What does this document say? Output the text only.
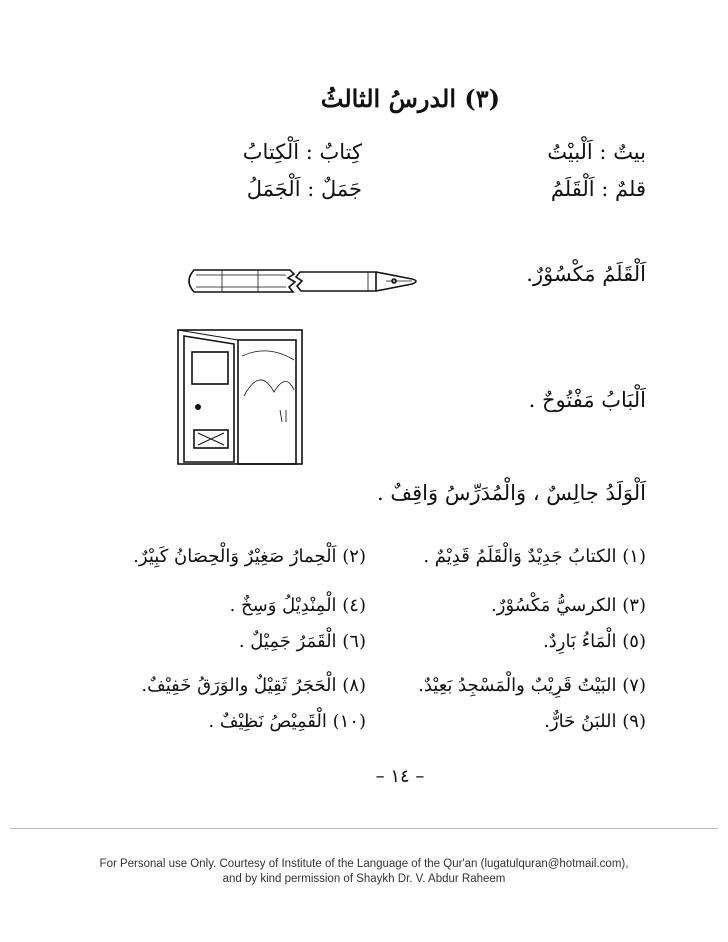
(٣) الدرسُ الثالثُ
بيتٌ : اَلْبيْتُ
كِتابٌ : اَلْكِتابُ
قلمٌ : اَلْقَلَمُ
جَمَلٌ : اَلْجَمَلُ
اَلْقَلَمُ مَكْسُوْرٌ.
اَلْبَابُ مَفْتُوحٌ .
اَلْوَلَدُ جالِسٌ ، وَالْمُدَرِّسُ وَاقِفٌ .
(١) الكتابُ جَدِيْدٌ وَالْقَلَمُ قَدِيْمٌ .
(٢) اَلْحِمارُ صَغِيْرٌ وَالْحِصَانُ كَبِيْرٌ.
(٣) الكرسيُّ مَكْسُوْرٌ.
(٤) الْمِنْدِيْلُ وَسِخٌ .
(٥) الْمَاءُ بَارِدٌ.
(٦) الْقَمَرُ جَمِيْلٌ .
(٧) البَيْتُ قَرِيْبٌ والْمَسْجِدُ بَعِيْدٌ.
(٨) الْحَجَرُ ثَقِيْلٌ والوَرَقُ خَفِيْفٌ.
(٩) اللبَنُ حَارٌّ.
(١٠) الْقَمِيْصُ نَظِيْفٌ .
– ١٤ –
For Personal use Only. Courtesy of Institute of the Language of the Qur'an (lugatulquran@hotmail.com),
and by kind permission of Shaykh Dr. V. Abdur Raheem
